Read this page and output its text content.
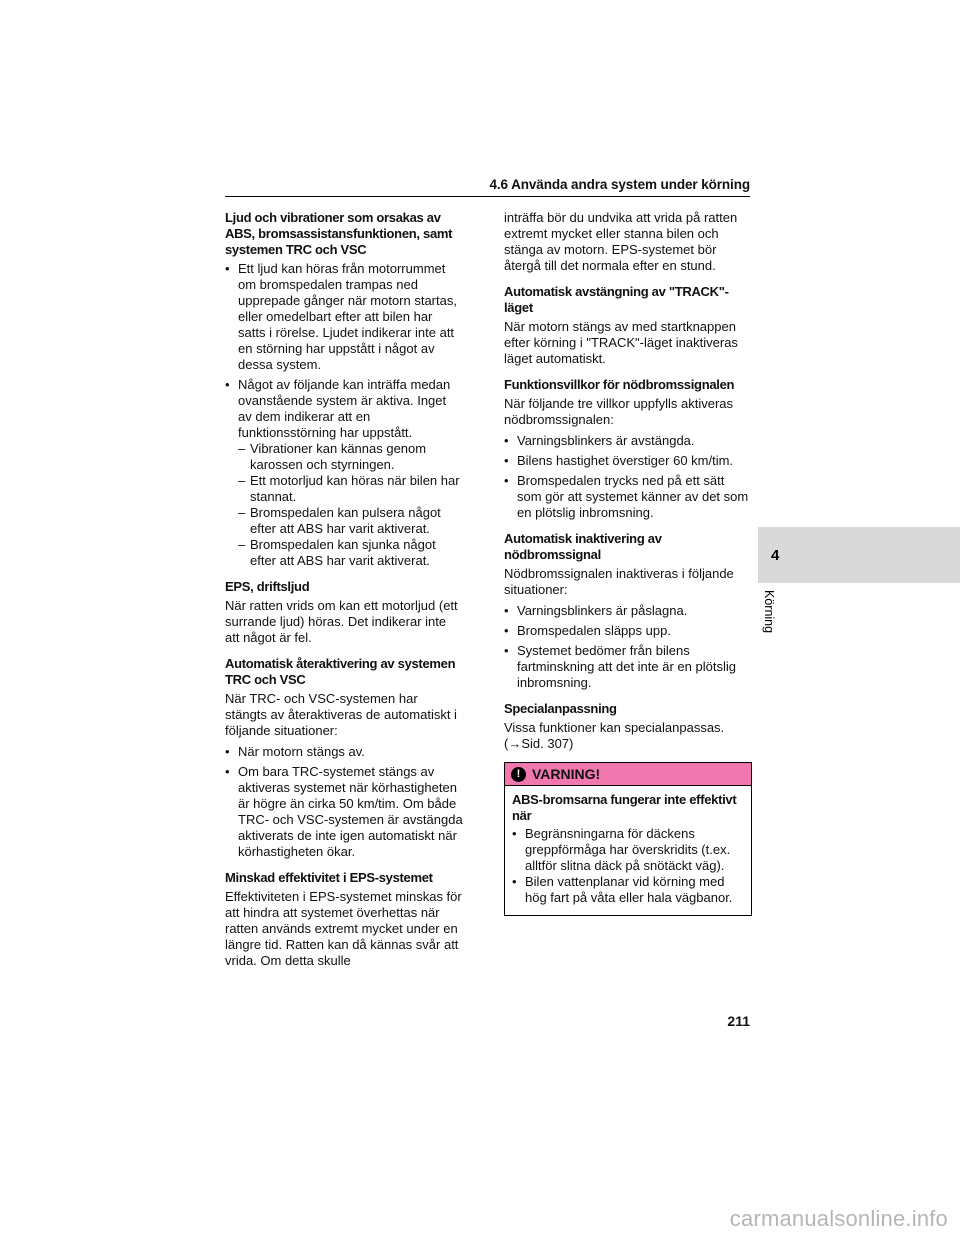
4.6 Använda andra system under körning
Ljud och vibrationer som orsakas av ABS, bromsassistansfunktionen, samt systemen TRC och VSC
• Ett ljud kan höras från motorrummet om bromspedalen trampas ned upprepade gånger när motorn startas, eller omedelbart efter att bilen har satts i rörelse. Ljudet indikerar inte att en störning har uppstått i något av dessa system.
• Något av följande kan inträffa medan ovanstående system är aktiva. Inget av dem indikerar att en funktionsstörning har uppstått.
– Vibrationer kan kännas genom karossen och styrningen.
– Ett motorljud kan höras när bilen har stannat.
– Bromspedalen kan pulsera något efter att ABS har varit aktiverat.
– Bromspedalen kan sjunka något efter att ABS har varit aktiverat.
EPS, driftsljud
När ratten vrids om kan ett motorljud (ett surrande ljud) höras. Det indikerar inte att något är fel.
Automatisk återaktivering av systemen TRC och VSC
När TRC- och VSC-systemen har stängts av återaktiveras de automatiskt i följande situationer:
• När motorn stängs av.
• Om bara TRC-systemet stängs av aktiveras systemet när körhastigheten är högre än cirka 50 km/tim. Om både TRC- och VSC-systemen är avstängda aktiverats de inte igen automatiskt när körhastigheten ökar.
Minskad effektivitet i EPS-systemet
Effektiviteten i EPS-systemet minskas för att hindra att systemet överhettas när ratten används extremt mycket under en längre tid. Ratten kan då kännas svår att vrida. Om detta skulle
inträffa bör du undvika att vrida på ratten extremt mycket eller stanna bilen och stänga av motorn. EPS-systemet bör återgå till det normala efter en stund.
Automatisk avstängning av "TRACK"-läget
När motorn stängs av med startknappen efter körning i "TRACK"-läget inaktiveras läget automatiskt.
Funktionsvillkor för nödbromssignalen
När följande tre villkor uppfylls aktiveras nödbromssignalen:
• Varningsblinkers är avstängda.
• Bilens hastighet överstiger 60 km/tim.
• Bromspedalen trycks ned på ett sätt som gör att systemet känner av det som en plötslig inbromsning.
Automatisk inaktivering av nödbromssignal
Nödbromssignalen inaktiveras i följande situationer:
• Varningsblinkers är påslagna.
• Bromspedalen släpps upp.
• Systemet bedömer från bilens fartminskning att det inte är en plötslig inbromsning.
Specialanpassning
Vissa funktioner kan specialanpassas. (→Sid. 307)
! VARNING!
ABS-bromsarna fungerar inte effektivt när
• Begränsningarna för däckens greppförmåga har överskridits (t.ex. alltför slitna däck på snötäckt väg).
• Bilen vattenplanar vid körning med hög fart på våta eller hala vägbanor.
4
Körning
211
carmanualsonline.info
